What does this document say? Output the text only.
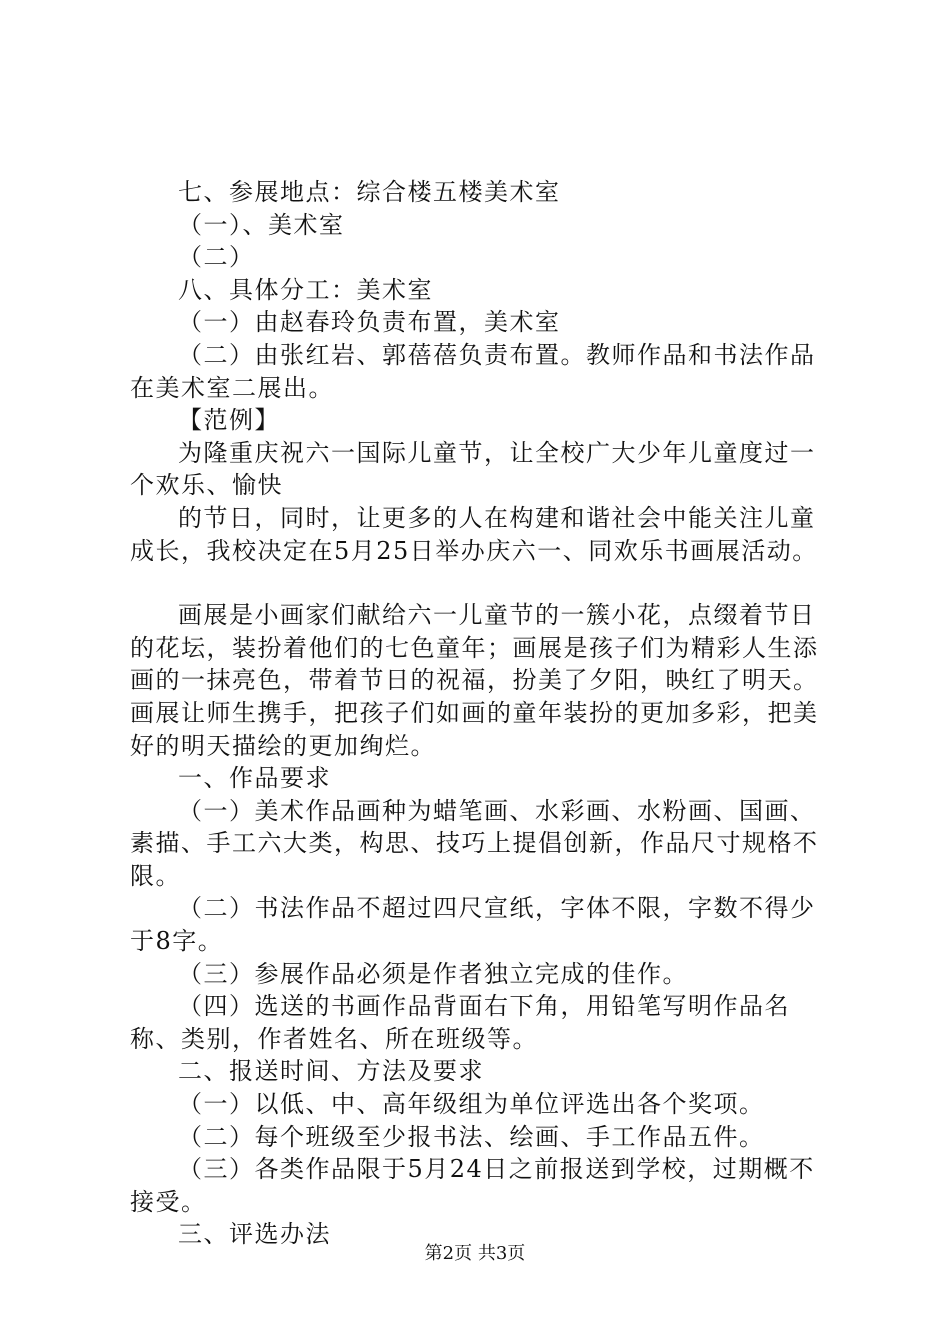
七、参展地点：综合楼五楼美术室

（一）、美术室

（二）

八、具体分工：美术室

（一）由赵春玲负责布置，美术室

（二）由张红岩、郭蓓蓓负责布置。教师作品和书法作品在美术室二展出。

【范例】

为隆重庆祝六一国际儿童节，让全校广大少年儿童度过一个欢乐、愉快

的节日，同时，让更多的人在构建和谐社会中能关注儿童成长，我校决定在5月25日举办庆六一、同欢乐书画展活动。

画展是小画家们献给六一儿童节的一簇小花，点缀着节日的花坛，装扮着他们的七色童年；画展是孩子们为精彩人生添画的一抹亮色，带着节日的祝福，扮美了夕阳，映红了明天。画展让师生携手，把孩子们如画的童年装扮的更加多彩，把美好的明天描绘的更加绚烂。

一、作品要求

（一）美术作品画种为蜡笔画、水彩画、水粉画、国画、素描、手工六大类，构思、技巧上提倡创新，作品尺寸规格不限。

（二）书法作品不超过四尺宣纸，字体不限，字数不得少于8字。

（三）参展作品必须是作者独立完成的佳作。

（四）选送的书画作品背面右下角，用铅笔写明作品名称、类别，作者姓名、所在班级等。

二、报送时间、方法及要求

（一）以低、中、高年级组为单位评选出各个奖项。

（二）每个班级至少报书法、绘画、手工作品五件。

（三）各类作品限于5月24日之前报送到学校，过期概不接受。

三、评选办法

第2页 共3页
